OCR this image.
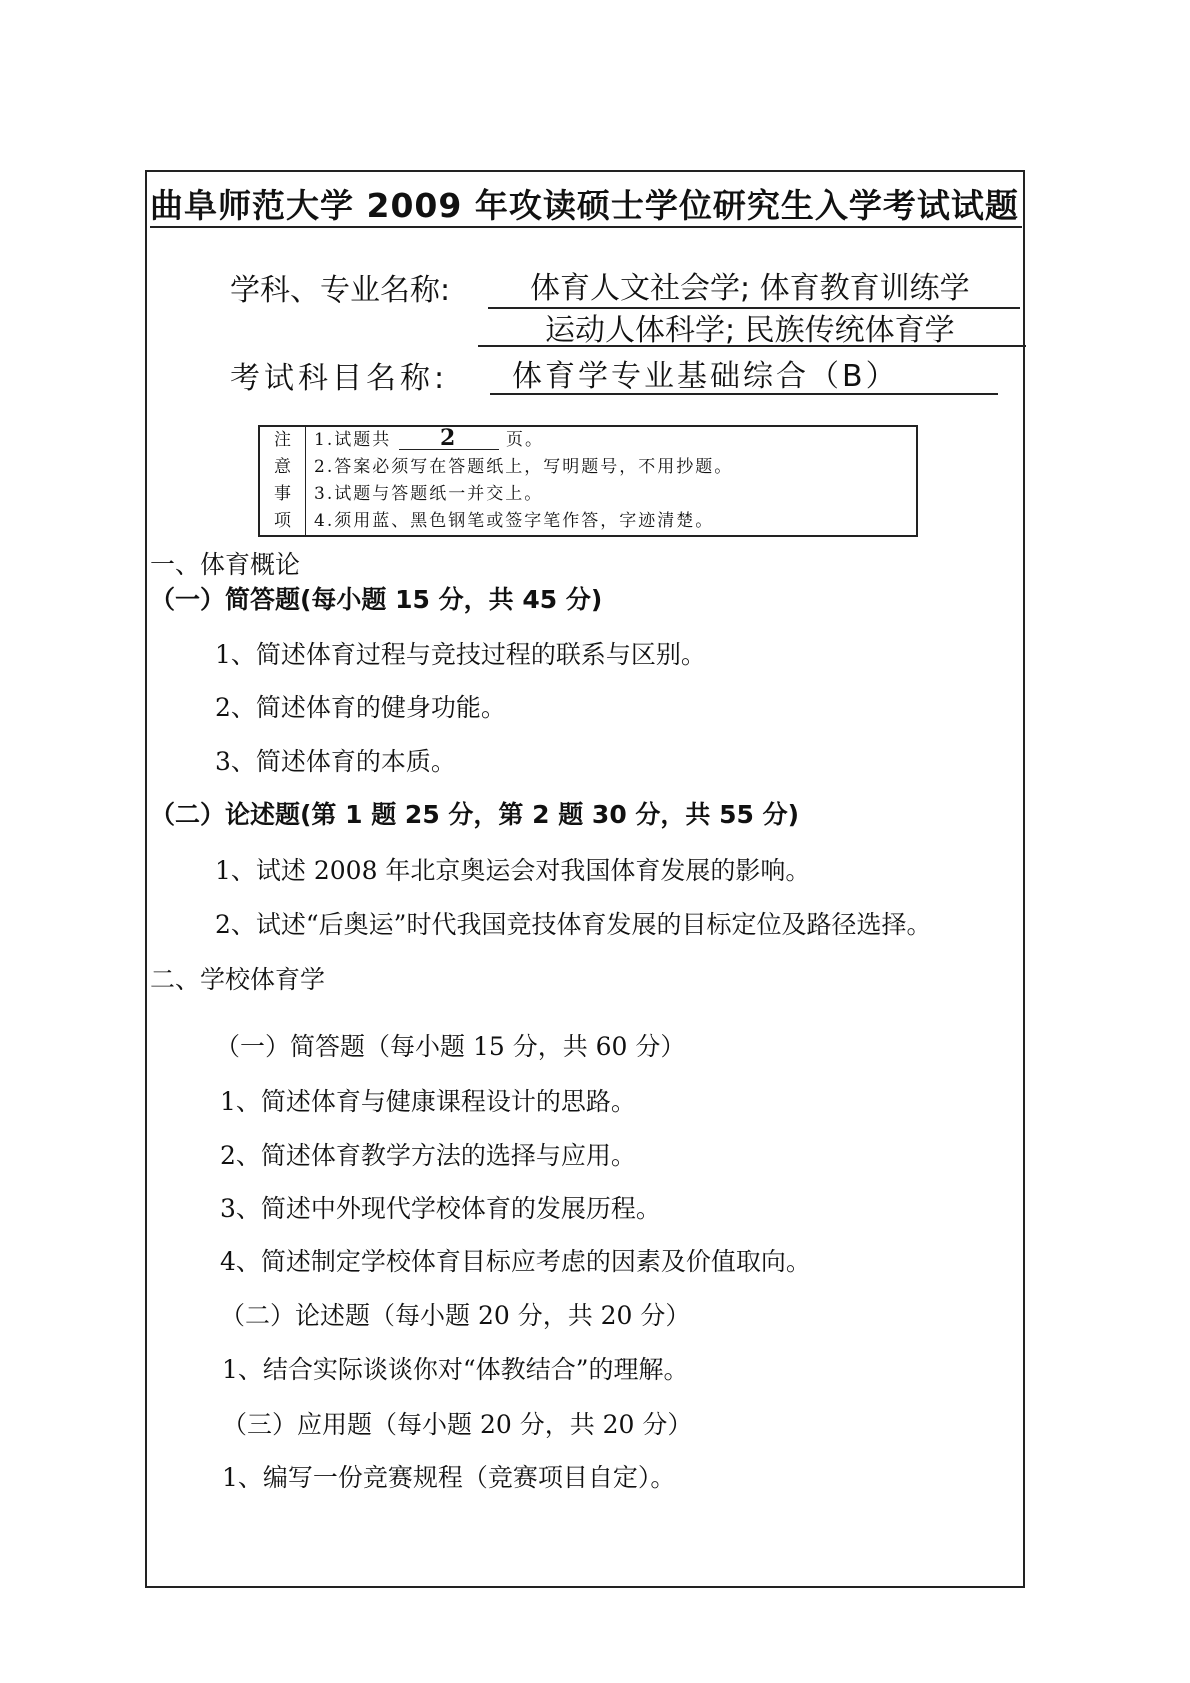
曲阜师范大学 2009 年攻读硕士学位研究生入学考试试题
学科、专业名称:	体育人文社会学; 体育教育训练学
运动人体科学; 民族传统体育学
考试科目名称: 体育学专业基础综合（B）
注
意
事
项
1.试题共 2	页。
2.答案必须写在答题纸上，写明题号，不用抄题。
3.试题与答题纸一并交上。
4.须用蓝、黑色钢笔或签字笔作答，字迹清楚。
一、体育概论
（一）简答题(每小题 15 分，共 45 分)
1、简述体育过程与竞技过程的联系与区别。
2、简述体育的健身功能。
3、简述体育的本质。
（二）论述题(第 1 题 25 分，第 2 题 30 分，共 55 分)
1、试述 2008 年北京奥运会对我国体育发展的影响。
2、试述“后奥运”时代我国竞技体育发展的目标定位及路径选择。
二、学校体育学
（一）简答题（每小题 15 分，共 60 分）
1、简述体育与健康课程设计的思路。
2、简述体育教学方法的选择与应用。
3、简述中外现代学校体育的发展历程。
4、简述制定学校体育目标应考虑的因素及价值取向。
（二）论述题（每小题 20 分，共 20 分）
1、结合实际谈谈你对“体教结合”的理解。
（三）应用题（每小题 20 分，共 20 分）
1、编写一份竞赛规程（竞赛项目自定）。
